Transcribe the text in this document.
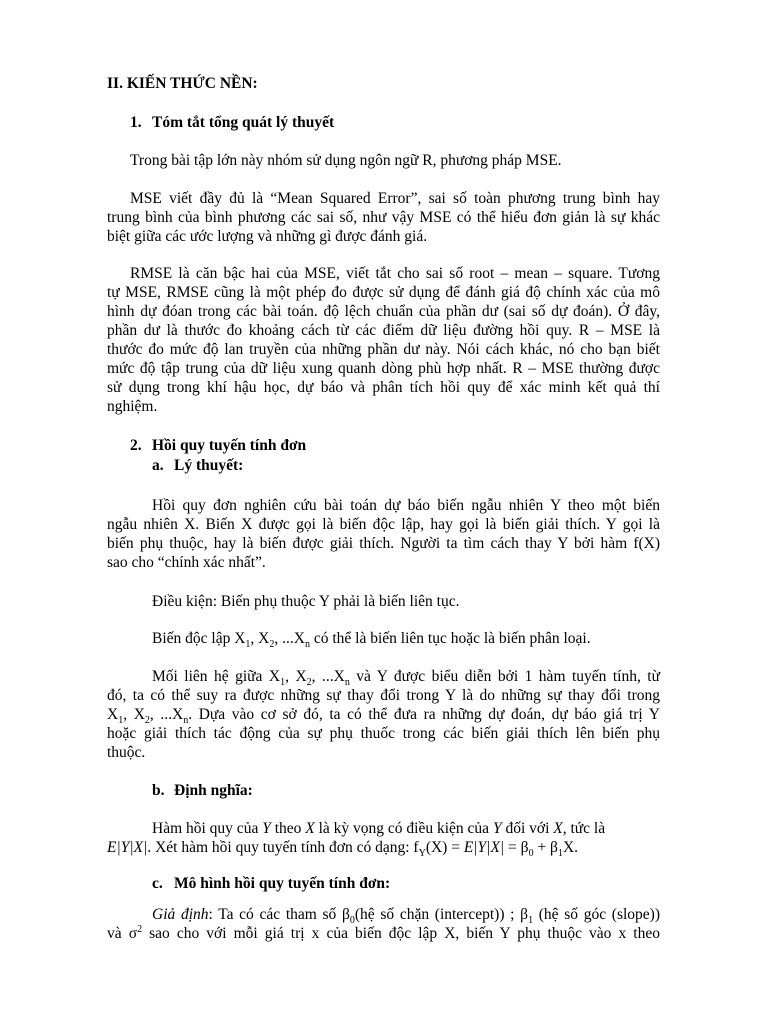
II. KIẾN THỨC NỀN:

1. Tóm tắt tổng quát lý thuyết

Trong bài tập lớn này nhóm sử dụng ngôn ngữ R, phương pháp MSE.

MSE viết đầy đủ là “Mean Squared Error”, sai số toàn phương trung bình hay

trung bình của bình phương các sai số, như vậy MSE có thể hiểu đơn giản là sự khác

biệt giữa các ước lượng và những gì được đánh giá.

RMSE là căn bậc hai của MSE, viết tắt cho sai số root – mean – square. Tương

tự MSE, RMSE cũng là một phép đo được sử dụng để đánh giá độ chính xác của mô

hình dự đóan trong các bài toán. độ lệch chuẩn của phần dư (sai số dự đoán). Ở đây,

phần dư là thước đo khoảng cách từ các điểm dữ liệu đường hồi quy. R – MSE là

thước đo mức độ lan truyền của những phần dư này. Nói cách khác, nó cho bạn biết

mức độ tập trung của dữ liệu xung quanh dòng phù hợp nhất. R – MSE thường được

sử dụng trong khí hậu học, dự báo và phân tích hồi quy để xác minh kết quả thí

nghiệm.

2. Hồi quy tuyến tính đơn

a. Lý thuyết:

Hồi quy đơn nghiên cứu bài toán dự báo biến ngẫu nhiên Y theo một biến

ngẫu nhiên X. Biến X được gọi là biến độc lập, hay gọi là biến giải thích. Y gọi là

biến phụ thuộc, hay là biến được giải thích. Người ta tìm cách thay Y bởi hàm f(X)

sao cho “chính xác nhất”.

Điều kiện: Biến phụ thuộc Y phải là biến liên tục.

Biến độc lập $X_1$, $X_2$, $...X_n$ có thể là biến liên tục hoặc là biến phân loại.

Mối liên hệ giữa $X_1$, $X_2$, $...X_n$ và Y được biểu diễn bởi 1 hàm tuyến tính, từ

đó, ta có thể suy ra được những sự thay đổi trong Y là do những sự thay đổi trong

$X_1$, $X_2$, $...X_n$. Dựa vào cơ sở đó, ta có thể đưa ra những dự đoán, dự báo giá trị Y

hoặc giải thích tác động của sự phụ thuốc trong các biến giải thích lên biến phụ

thuộc.

b. Định nghĩa:

Hàm hồi quy của Y theo X là kỳ vọng có điều kiện của Y đối với X, tức là

E|Y|X|. Xét hàm hồi quy tuyến tính đơn có dạng: $f_Y(X) = E|Y|X| = \beta_0 + \beta_1X$.

c. Mô hình hồi quy tuyến tính đơn:

Giả định: Ta có các tham số $\beta_0(hệ$ số chặn (intercept)) ; $\beta_1$ (hệ số góc (slope))

và $\sigma^2$ sao cho với mỗi giá trị x của biến độc lập X, biến Y phụ thuộc vào x theo
